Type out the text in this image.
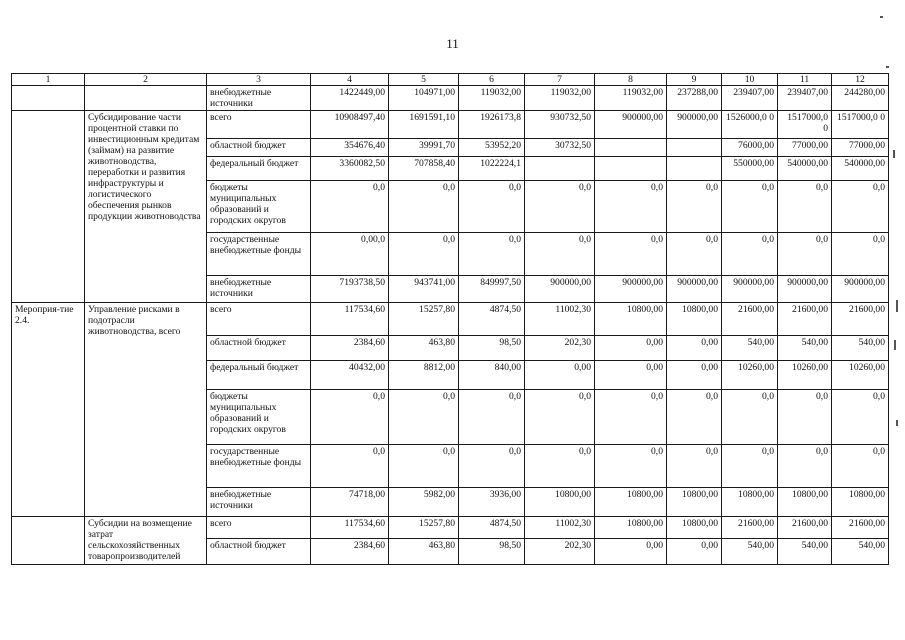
11
1	2	3	4	5	6	7	8	9	10	11	12
		внебюджетные источники	1422449,00	104971,00	119032,00	119032,00	119032,00	237288,00	239407,00	239407,00	244280,00
	Субсидирование части процентной ставки по инвестиционным кредитам (займам) на развитие животноводства, переработки и развития инфраструктуры и логистического обеспечения рынков продукции животноводства	всего	10908497,40	1691591,10	1926173,8	930732,50	900000,00	900000,00	1526000,0 0	1517000,0 0	1517000,0 0
		областной бюджет	354676,40	39991,70	53952,20	30732,50			76000,00	77000,00	77000,00
		федеральный бюджет	3360082,50	707858,40	1022224,1				550000,00	540000,00	540000,00
		бюджеты муниципальных образований и городских округов	0,0	0,0	0,0	0,0	0,0	0,0	0,0	0,0	0,0
		государственные внебюджетные фонды	0,00,0	0,0	0,0	0,0	0,0	0,0	0,0	0,0	0,0
		внебюджетные источники	7193738,50	943741,00	849997,50	900000,00	900000,00	900000,00	900000,00	900000,00	900000,00
Мероприя-тие 2.4.	Управление рисками в подотрасли животноводства, всего	всего	117534,60	15257,80	4874,50	11002,30	10800,00	10800,00	21600,00	21600,00	21600,00
		областной бюджет	2384,60	463,80	98,50	202,30	0,00	0,00	540,00	540,00	540,00
		федеральный бюджет	40432,00	8812,00	840,00	0,00	0,00	0,00	10260,00	10260,00	10260,00
		бюджеты муниципальных образований и городских округов	0,0	0,0	0,0	0,0	0,0	0,0	0,0	0,0	0,0
		государственные внебюджетные фонды	0,0	0,0	0,0	0,0	0,0	0,0	0,0	0,0	0,0
		внебюджетные источники	74718,00	5982,00	3936,00	10800,00	10800,00	10800,00	10800,00	10800,00	10800,00
	Субсидии на возмещение затрат сельскохозяйственных товаропроизводителей	всего	117534,60	15257,80	4874,50	11002,30	10800,00	10800,00	21600,00	21600,00	21600,00
		областной бюджет	2384,60	463,80	98,50	202,30	0,00	0,00	540,00	540,00	540,00
